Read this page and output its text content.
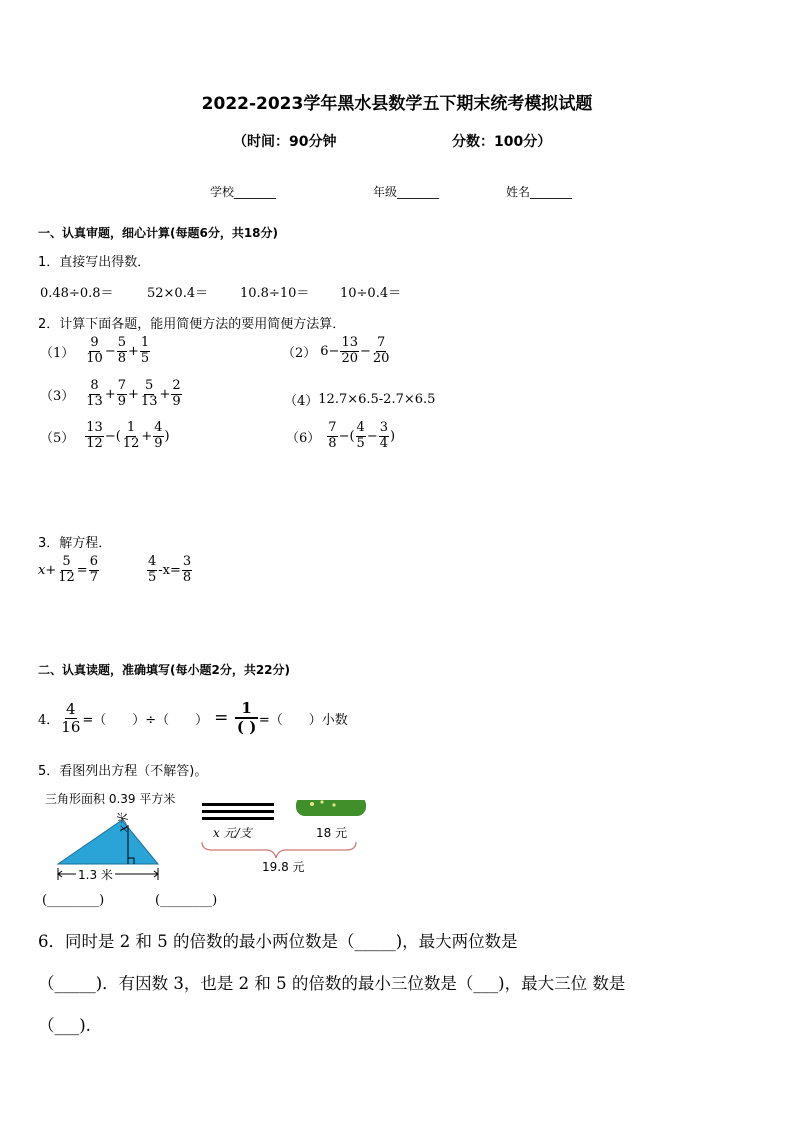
2022-2023学年黑水县数学五下期末统考模拟试题
（时间：90分钟	分数：100分）
学校_______	年级_______	姓名_______
一、认真审题，细心计算(每题6分，共18分)
1．直接写出得数．
0.48÷0.8＝	52×0.4＝ 10.8÷10＝ 10÷0.4＝
2．计算下面各题，能用简便方法的要用简便方法算．
$(1) \frac{9}{10} - \frac{5}{8} + \frac{1}{5}$	（2） $6- \frac{13}{20} - \frac{7}{20}$
$(3) \frac{8}{13} + \frac{7}{9} + \frac{5}{13} + \frac{2}{9}$	（4） 12.7×6.5-2.7×6.5
$(5) \frac{13}{12}$ −( $\frac{1}{12} + \frac{4}{9}$ )	$(6) \frac{7}{8}$ −( $\frac{4}{5} - \frac{3}{4}$ )
3．解方程．
$x+ \frac{5}{12} = \frac{6}{7}$	$\frac{4}{5} -x= \frac{3}{8}$
二、认真读题，准确填写(每小题2分，共22分)
4． $\frac{4}{16}$ =（　　）÷（　　） = $\frac{1}{( )}$ =（　　）小数
5．看图列出方程（不解答)。
三角形面积 0.39 平方米
x米
1.3 米
x 元/支	18 元
19.8 元
(________)	(________)
6．同时是 2 和 5 的倍数的最小两位数是（_____)，最大两位数是
（_____)．有因数 3，也是 2 和 5 的倍数的最小三位数是（___)，最大三位 数是
（___).
